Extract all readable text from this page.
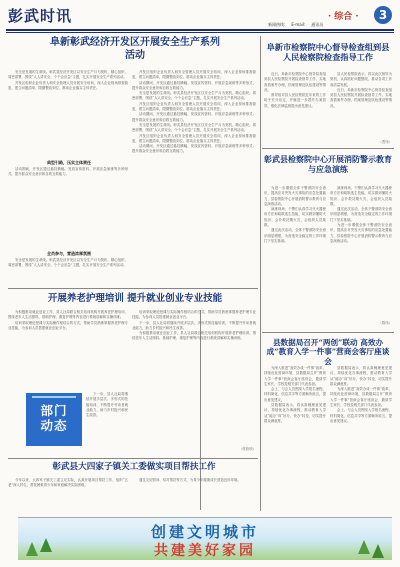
彭武时讯	· 综合 ·	3
新闻热线: E-mail: 通讯员
阜新彰武经济开发区开展安全生产系列活动

安全是发展的生命线。彰武县经济开发区以安全生产月为契机，精心组织，周密部署，围绕“人人讲安全、个个会应急”主题，扎实开展安全生产系列活动。

开发区组织企业负责人和安全管理人员开展安全培训，深入企业现场排查隐患，建立问题清单，限期整改到位，推动企业落实主体责任。

典型引路，压实主体责任

活动期间，开发区通过悬挂横幅、发放宣传资料、开展应急演练等多种形式，提升群众安全意识和自救互救能力。

全员参与，营造浓厚氛围

安全是发展的生命线。彰武县经济开发区以安全生产月为契机，精心组织，周密部署，围绕“人人讲安全、个个会应急”主题，扎实开展安全生产系列活动。

开发区组织企业负责人和安全管理人员开展安全培训，深入企业现场排查隐患，建立问题清单，限期整改到位，推动企业落实主体责任。

活动期间，开发区通过悬挂横幅、发放宣传资料、开展应急演练等多种形式，提升群众安全意识和自救互救能力。

安全是发展的生命线。彰武县经济开发区以安全生产月为契机，精心组织，周密部署，围绕“人人讲安全、个个会应急”主题，扎实开展安全生产系列活动。

开发区组织企业负责人和安全管理人员开展安全培训，深入企业现场排查隐患，建立问题清单，限期整改到位，推动企业落实主体责任。

活动期间，开发区通过悬挂横幅、发放宣传资料、开展应急演练等多种形式，提升群众安全意识和自救互救能力。

安全是发展的生命线。彰武县经济开发区以安全生产月为契机，精心组织，周密部署，围绕“人人讲安全、个个会应急”主题，扎实开展安全生产系列活动。

开发区组织企业负责人和安全管理人员开展安全培训，深入企业现场排查隐患，建立问题清单，限期整改到位，推动企业落实主体责任。

活动期间，开发区通过悬挂横幅、发放宣传资料、开展应急演练等多种形式，提升群众安全意识和自救互救能力。

阜新市检察院中心督导检查组到县人民检察院检查指导工作

近日，阜新市检察院中心督导检查组到县人民检察院开展检查指导工作，实地查看案件办理、档案管理及队伍建设等情况。

督导组对县人民检察院近年来的工作给予充分肯定，并就进一步提升办案质效、强化法律监督提出意见建议。

县人民检察院表示，将以此次督导为契机，认真抓好问题整改，推动各项工作高质量发展。

近日，阜新市检察院中心督导检查组到县人民检察院开展检查指导工作，实地查看案件办理、档案管理及队伍建设等情况。

（贾伟）
彰武县检察院中心开展消防警示教育与应急演练

为进一步增强全体干警消防安全意识，提高应对突发火灾事故的应急处置能力，县检察院中心开展消防警示教育与应急演练活动。

演练现场，干警们认真学习灭火器使用方法和疏散逃生技能，切实做到懂防火知识、会扑救初期火灾、会组织人员疏散。

通过此次活动，全体干警消防安全意识明显增强，为营造安全稳定的工作环境打下坚实基础。

演练现场，干警们认真学习灭火器使用方法和疏散逃生技能，切实做到懂防火知识、会扑救初期火灾、会组织人员疏散。

通过此次活动，全体干警消防安全意识明显增强，为营造安全稳定的工作环境打下坚实基础。

为进一步增强全体干警消防安全意识，提高应对突发火灾事故的应急处置能力，县检察院中心开展消防警示教育与应急演练活动。

（陈伟）
开展养老护理培训 提升就业创业专业技能

为积极推动就业创业工作，县人社局联合相关培训机构开展养老护理培训，围绕老年人生活照料、基础护理、康复护理等内容进行系统讲解和实操训练。

培训采取理论授课与实际操作相结合的方式，帮助学员熟练掌握养老护理专业技能，为参训人员搭建就业创业平台。

部门
动态

下一步，县人社局将继续开展多层次、多形式的技能培训，不断提升劳动者就业能力，助力乡村振兴和民生改善。

培训采取理论授课与实际操作相结合的方式，帮助学员熟练掌握养老护理专业技能，为参训人员搭建就业创业平台。

下一步，县人社局将继续开展多层次、多形式的技能培训，不断提升劳动者就业能力，助力乡村振兴和民生改善。

为积极推动就业创业工作，县人社局联合相关培训机构开展养老护理培训，围绕老年人生活照料、基础护理、康复护理等内容进行系统讲解和实操训练。

（张欣欣）
县数据局召开“两创”联动 高效办成“教育入学一件事”营商会客厅座谈会

为深入推进“高效办成一件事”改革，持续优化营商环境，县数据局召开“教育入学一件事”营商会客厅座谈会，邀请学生家长、学校及相关部门代表参加。

会上，与会人员围绕入学报名流程、材料简化、信息共享等方面畅所欲言，提出意见建议。

县数据局表示，将认真梳理意见建议，持续优化办事流程，推动教育入学从“能办”向“好办、快办”转变，切实提升群众满意度。

县数据局表示，将认真梳理意见建议，持续优化办事流程，推动教育入学从“能办”向“好办、快办”转变，切实提升群众满意度。

为深入推进“高效办成一件事”改革，持续优化营商环境，县数据局召开“教育入学一件事”营商会客厅座谈会，邀请学生家长、学校及相关部门代表参加。

会上，与会人员围绕入学报名流程、材料简化、信息共享等方面畅所欲言，提出意见建议。

彰武县大四家子镇关工委做实项目帮扶工作

今年以来，大四家子镇关工委立足实际，认真开展项目帮扶工作，组织“五老”深入村屯，帮扶困难青少年和家庭解决实际困难。

通过走访慰问、结对帮扶等方式，为青少年健康成长营造良好环境。

创建文明城市
共建美好家园
